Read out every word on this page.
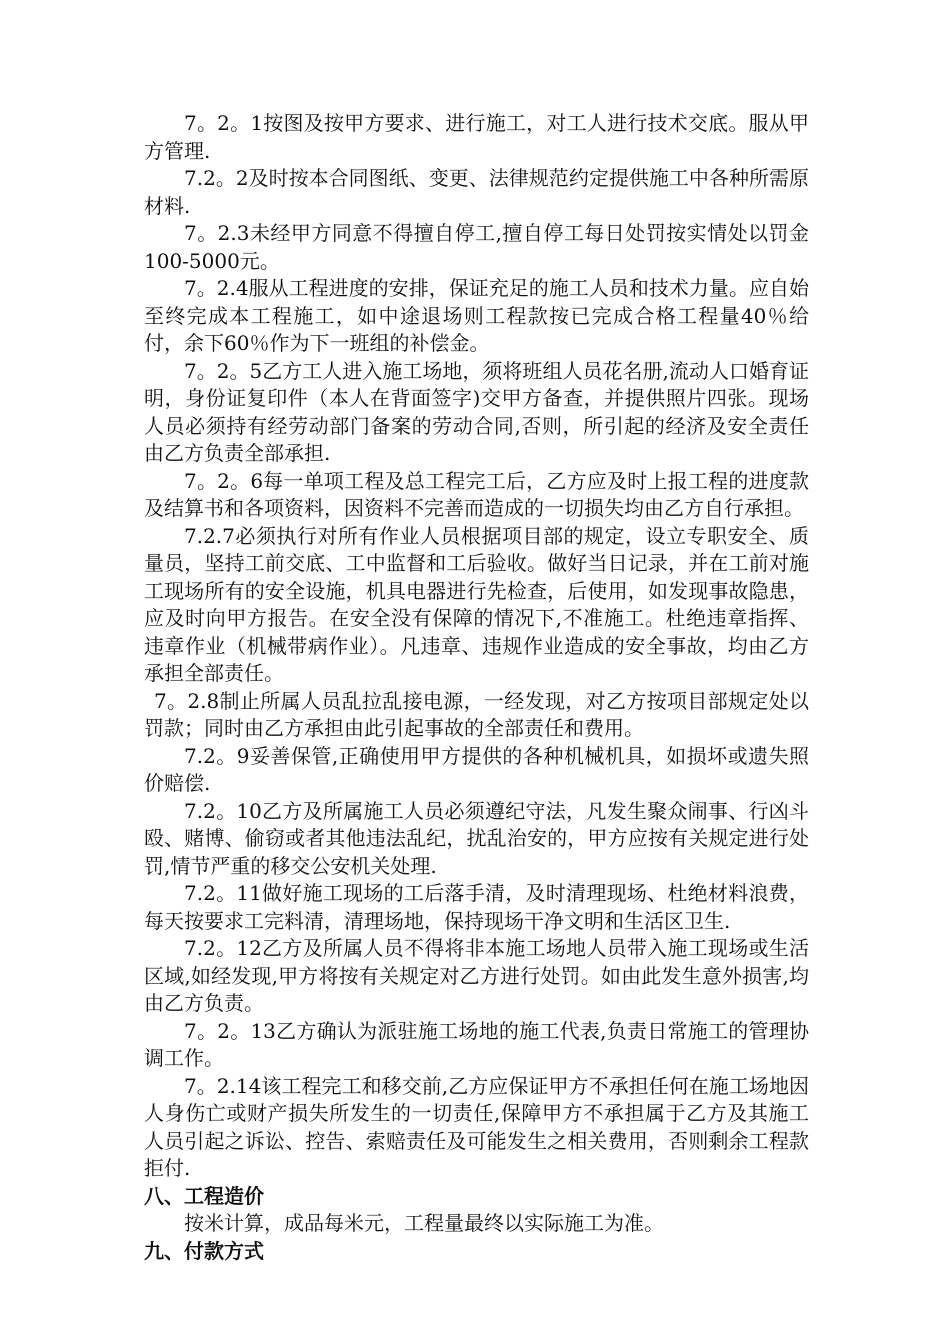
7。2。1按图及按甲方要求、进行施工，对工人进行技术交底。服从甲方管理.

7.2。2及时按本合同图纸、变更、法律规范约定提供施工中各种所需原材料.

7。2.3未经甲方同意不得擅自停工,擅自停工每日处罚按实情处以罚金100-5000元。

7。2.4服从工程进度的安排，保证充足的施工人员和技术力量。应自始至终完成本工程施工，如中途退场则工程款按已完成合格工程量40％给付，余下60％作为下一班组的补偿金。

7。2。5乙方工人进入施工场地，须将班组人员花名册,流动人口婚育证明，身份证复印件（本人在背面签字)交甲方备查，并提供照片四张。现场人员必须持有经劳动部门备案的劳动合同,否则，所引起的经济及安全责任由乙方负责全部承担.

7。2。6每一单项工程及总工程完工后，乙方应及时上报工程的进度款及结算书和各项资料，因资料不完善而造成的一切损失均由乙方自行承担。

7.2.7必须执行对所有作业人员根据项目部的规定，设立专职安全、质量员，坚持工前交底、工中监督和工后验收。做好当日记录，并在工前对施工现场所有的安全设施，机具电器进行先检查，后使用，如发现事故隐患，应及时向甲方报告。在安全没有保障的情况下,不准施工。杜绝违章指挥、违章作业（机械带病作业）。凡违章、违规作业造成的安全事故，均由乙方承担全部责任。

7。2.8制止所属人员乱拉乱接电源，一经发现，对乙方按项目部规定处以罚款；同时由乙方承担由此引起事故的全部责任和费用。

7.2。9妥善保管,正确使用甲方提供的各种机械机具，如损坏或遗失照价赔偿.

7.2。10乙方及所属施工人员必须遵纪守法，凡发生聚众闹事、行凶斗殴、赌博、偷窃或者其他违法乱纪，扰乱治安的，甲方应按有关规定进行处罚,情节严重的移交公安机关处理.

7.2。11做好施工现场的工后落手清，及时清理现场、杜绝材料浪费，每天按要求工完料清，清理场地，保持现场干净文明和生活区卫生.

7.2。12乙方及所属人员不得将非本施工场地人员带入施工现场或生活区域,如经发现,甲方将按有关规定对乙方进行处罚。如由此发生意外损害,均由乙方负责。

7。2。13乙方确认为派驻施工场地的施工代表,负责日常施工的管理协调工作。

7。2.14该工程完工和移交前,乙方应保证甲方不承担任何在施工场地因人身伤亡或财产损失所发生的一切责任,保障甲方不承担属于乙方及其施工人员引起之诉讼、控告、索赔责任及可能发生之相关费用，否则剩余工程款拒付.

八、工程造价

按米计算，成品每米元，工程量最终以实际施工为准。

九、付款方式
